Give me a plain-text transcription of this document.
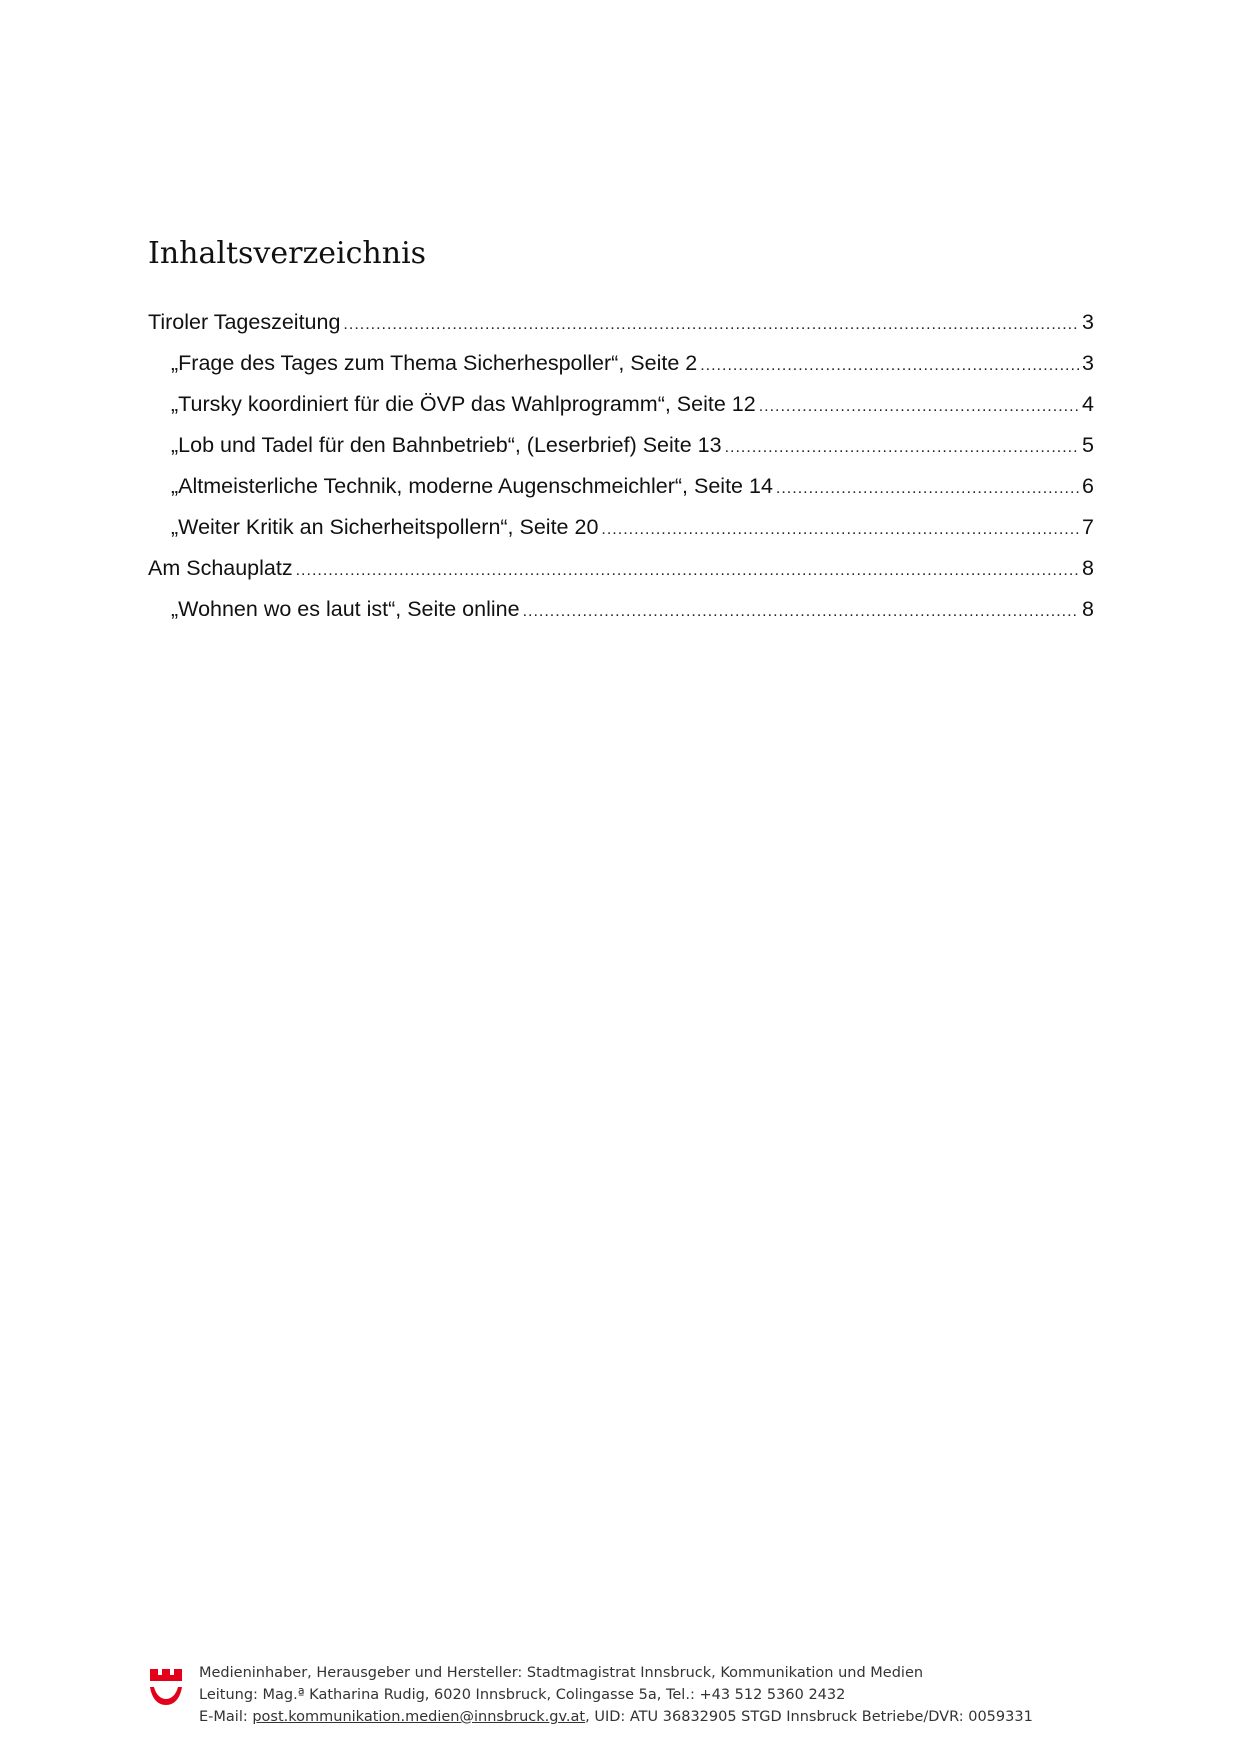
Inhaltsverzeichnis
Tiroler Tageszeitung .....	3
„Frage des Tages zum Thema Sicherhespoller“, Seite 2 .....	3
„Tursky koordiniert für die ÖVP das Wahlprogramm“, Seite 12 .....	4
„Lob und Tadel für den Bahnbetrieb“, (Leserbrief) Seite 13 .....	5
„Altmeisterliche Technik, moderne Augenschmeichler“, Seite 14 .....	6
„Weiter Kritik an Sicherheitspollern“, Seite 20 .....	7
Am Schauplatz .....	8
„Wohnen wo es laut ist“, Seite online .....	8
Medieninhaber, Herausgeber und Hersteller: Stadtmagistrat Innsbruck, Kommunikation und Medien
Leitung: Mag.ª Katharina Rudig, 6020 Innsbruck, Colingasse 5a, Tel.: +43 512 5360 2432
E-Mail: post.kommunikation.medien@innsbruck.gv.at, UID: ATU 36832905 STGD Innsbruck Betriebe/DVR: 0059331
